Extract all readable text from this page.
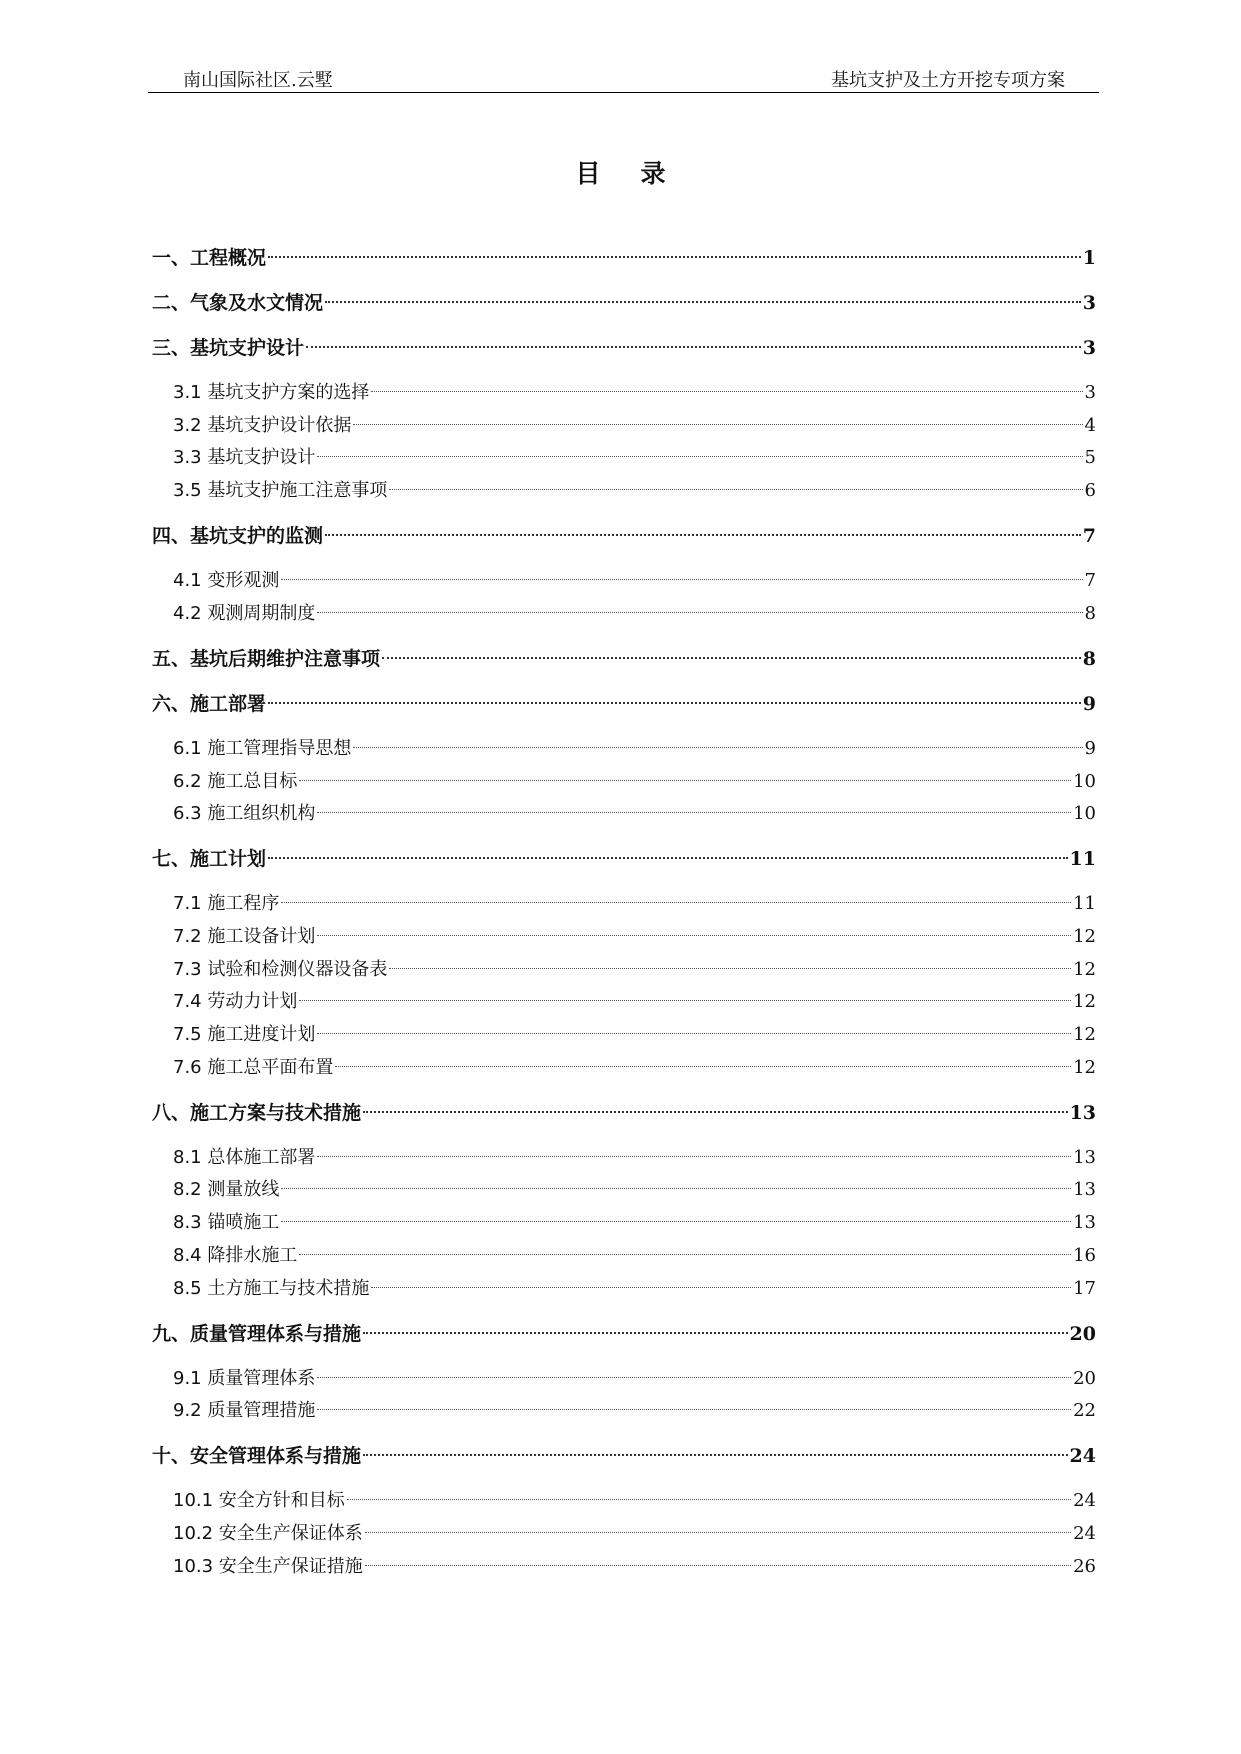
南山国际社区.云墅	基坑支护及土方开挖专项方案
目录
一、工程概况	1
二、气象及水文情况	3
三、基坑支护设计	3
3.1 基坑支护方案的选择	3
3.2 基坑支护设计依据	4
3.3 基坑支护设计	5
3.5 基坑支护施工注意事项	6
四、基坑支护的监测	7
4.1 变形观测	7
4.2 观测周期制度	8
五、基坑后期维护注意事项	8
六、施工部署	9
6.1 施工管理指导思想	9
6.2 施工总目标	10
6.3 施工组织机构	10
七、施工计划	11
7.1 施工程序	11
7.2 施工设备计划	12
7.3 试验和检测仪器设备表	12
7.4 劳动力计划	12
7.5 施工进度计划	12
7.6 施工总平面布置	12
八、施工方案与技术措施	13
8.1 总体施工部署	13
8.2 测量放线	13
8.3 锚喷施工	13
8.4 降排水施工	16
8.5 土方施工与技术措施	17
九、质量管理体系与措施	20
9.1 质量管理体系	20
9.2 质量管理措施	22
十、安全管理体系与措施	24
10.1 安全方针和目标	24
10.2 安全生产保证体系	24
10.3 安全生产保证措施	26
